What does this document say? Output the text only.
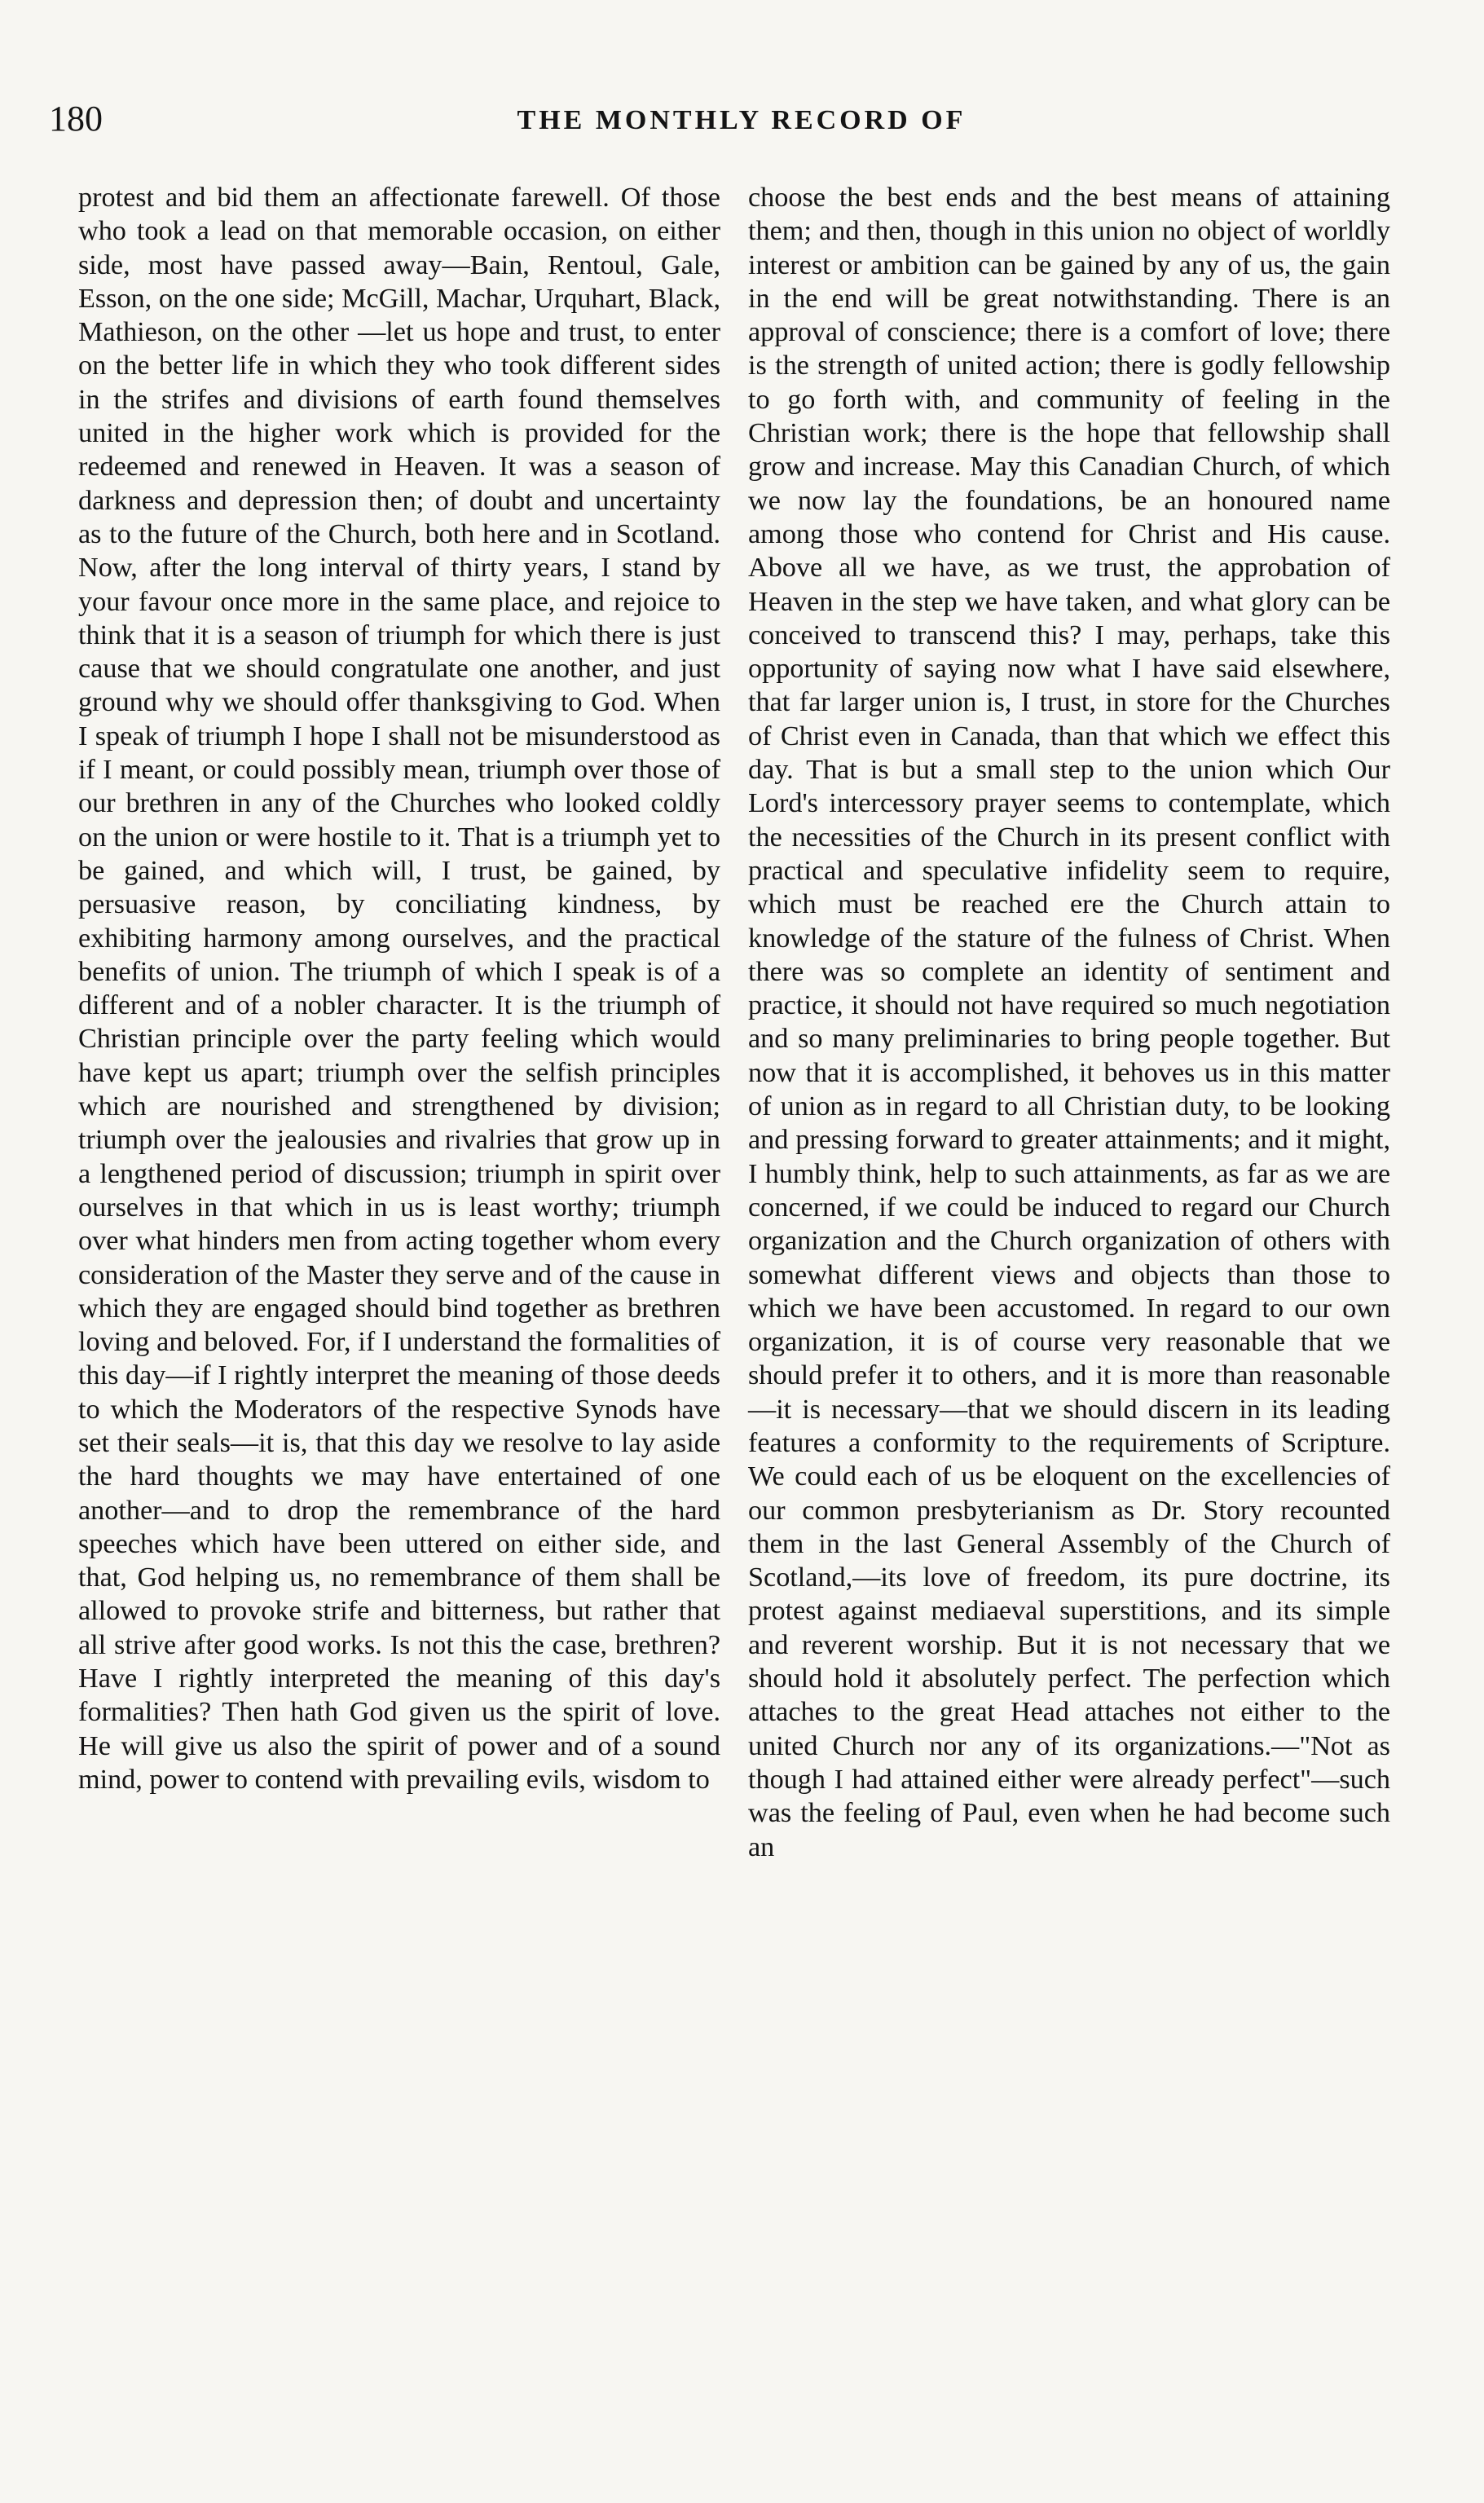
180	THE MONTHLY RECORD OF

protest and bid them an affectionate farewell. Of those who took a lead on that memorable occasion, on either side, most have passed away—Bain, Rentoul, Gale, Esson, on the one side; McGill, Machar, Urquhart, Black, Mathieson, on the other —let us hope and trust, to enter on the better life in which they who took different sides in the strifes and divisions of earth found themselves united in the higher work which is provided for the redeemed and renewed in Heaven. It was a season of darkness and depression then; of doubt and uncertainty as to the future of the Church, both here and in Scotland. Now, after the long interval of thirty years, I stand by your favour once more in the same place, and rejoice to think that it is a season of triumph for which there is just cause that we should congratulate one another, and just ground why we should offer thanksgiving to God. When I speak of triumph I hope I shall not be misunderstood as if I meant, or could possibly mean, triumph over those of our brethren in any of the Churches who looked coldly on the union or were hostile to it. That is a triumph yet to be gained, and which will, I trust, be gained, by persuasive reason, by conciliating kindness, by exhibiting harmony among ourselves, and the practical benefits of union. The triumph of which I speak is of a different and of a nobler character. It is the triumph of Christian principle over the party feeling which would have kept us apart; triumph over the selfish principles which are nourished and strengthened by division; triumph over the jealousies and rivalries that grow up in a lengthened period of discussion; triumph in spirit over ourselves in that which in us is least worthy; triumph over what hinders men from acting together whom every consideration of the Master they serve and of the cause in which they are engaged should bind together as brethren loving and beloved. For, if I understand the formalities of this day—if I rightly interpret the meaning of those deeds to which the Moderators of the respective Synods have set their seals—it is, that this day we resolve to lay aside the hard thoughts we may have entertained of one another—and to drop the remembrance of the hard speeches which have been uttered on either side, and that, God helping us, no remembrance of them shall be allowed to provoke strife and bitterness, but rather that all strive after good works. Is not this the case, brethren? Have I rightly interpreted the meaning of this day's formalities? Then hath God given us the spirit of love. He will give us also the spirit of power and of a sound mind, power to contend with prevailing evils, wisdom to

choose the best ends and the best means of attaining them; and then, though in this union no object of worldly interest or ambition can be gained by any of us, the gain in the end will be great notwithstanding. There is an approval of conscience; there is a comfort of love; there is the strength of united action; there is godly fellowship to go forth with, and community of feeling in the Christian work; there is the hope that fellowship shall grow and increase. May this Canadian Church, of which we now lay the foundations, be an honoured name among those who contend for Christ and His cause. Above all we have, as we trust, the approbation of Heaven in the step we have taken, and what glory can be conceived to transcend this? I may, perhaps, take this opportunity of saying now what I have said elsewhere, that far larger union is, I trust, in store for the Churches of Christ even in Canada, than that which we effect this day. That is but a small step to the union which Our Lord's intercessory prayer seems to contemplate, which the necessities of the Church in its present conflict with practical and speculative infidelity seem to require, which must be reached ere the Church attain to knowledge of the stature of the fulness of Christ. When there was so complete an identity of sentiment and practice, it should not have required so much negotiation and so many preliminaries to bring people together. But now that it is accomplished, it behoves us in this matter of union as in regard to all Christian duty, to be looking and pressing forward to greater attainments; and it might, I humbly think, help to such attainments, as far as we are concerned, if we could be induced to regard our Church organization and the Church organization of others with somewhat different views and objects than those to which we have been accustomed. In regard to our own organization, it is of course very reasonable that we should prefer it to others, and it is more than reasonable—it is necessary—that we should discern in its leading features a conformity to the requirements of Scripture. We could each of us be eloquent on the excellencies of our common presbyterianism as Dr. Story recounted them in the last General Assembly of the Church of Scotland,—its love of freedom, its pure doctrine, its protest against mediaeval superstitions, and its simple and reverent worship. But it is not necessary that we should hold it absolutely perfect. The perfection which attaches to the great Head attaches not either to the united Church nor any of its organizations.—"Not as though I had attained either were already perfect"—such was the feeling of Paul, even when he had become such an
